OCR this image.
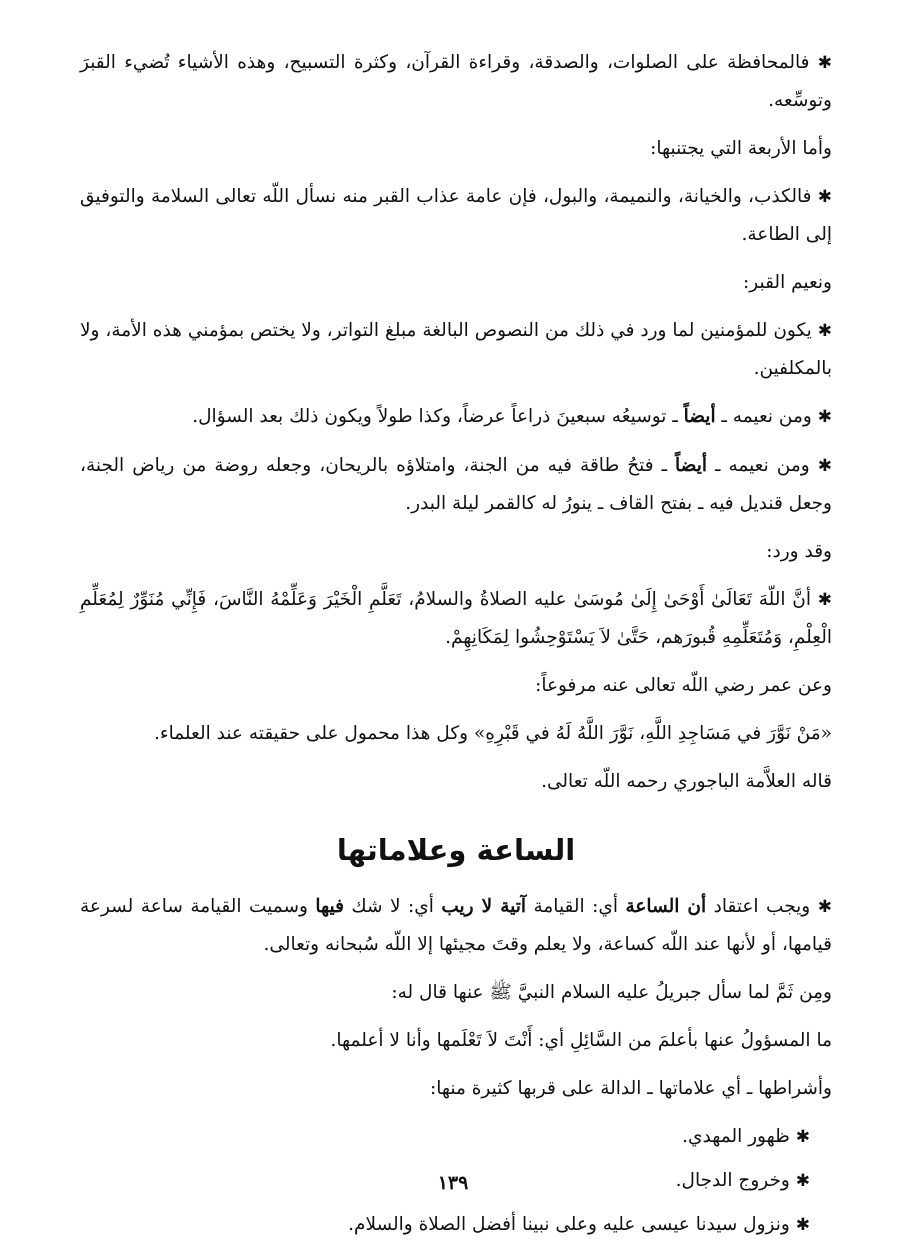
✱ فالمحافظة على الصلوات، والصدقة، وقراءة القرآن، وكثرة التسبيح، وهذه الأشياء تُضيء القبرَ وتوسِّعه.

وأما الأربعة التي يجتنبها:

✱ فالكذب، والخيانة، والنميمة، والبول، فإن عامة عذاب القبر منه نسأل اللّه تعالى السلامة والتوفيق إلى الطاعة.

ونعيم القبر:

✱ يكون للمؤمنين لما ورد في ذلك من النصوص البالغة مبلغ التواتر، ولا يختص بمؤمني هذه الأمة، ولا بالمكلفين.

✱ ومن نعيمه ـ أيضاً ـ توسيعُه سبعينَ ذراعاً عرضاً، وكذا طولاً ويكون ذلك بعد السؤال.

✱ ومن نعيمه ـ أيضاً ـ فتحُ طاقة فيه من الجنة، وامتلاؤه بالريحان، وجعله روضة من رياض الجنة، وجعل قنديل فيه ـ بفتح القاف ـ ينورُ له كالقمر ليلة البدر.

وقد ورد:

✱ أنَّ اللّهَ تَعَالَىٰ أَوْحَىٰ إِلَىٰ مُوسَىٰ عليه الصلاةُ والسلامُ، تَعَلَّمِ الْخَيْرَ وَعَلِّمْهُ النَّاسَ، فَإِنِّي مُنَوِّرٌ لِمُعَلِّمِ الْعِلْمِ، وَمُتَعَلِّمِهِ قُبورَهم، حَتَّىٰ لاَ يَسْتَوْحِشُوا لِمَكَانِهِمْ.

وعن عمر رضي اللّه تعالى عنه مرفوعاً:

«مَنْ نَوَّرَ في مَسَاجِدِ اللَّهِ، نَوَّرَ اللَّهُ لَهُ في قَبْرِهِ» وكل هذا محمول على حقيقته عند العلماء.

قاله العلاَّمة الباجوري رحمه اللّه تعالى.

الساعة وعلاماتها

✱ ويجب اعتقاد أن الساعة أي: القيامة آتية لا ريب أي: لا شك فيها وسميت القيامة ساعة لسرعة قيامها، أو لأنها عند اللّه كساعة، ولا يعلم وقتَ مجيئها إلا اللّه سُبحانه وتعالى.

ومِن ثَمَّ لما سأل جبريلُ عليه السلام النبيَّ ﷺ عنها قال له:

ما المسؤولُ عنها بأعلمَ من السَّائِلِ أي: أَنْتَ لاَ تَعْلَمها وأنا لا أعلمها.

وأشراطها ـ أي علاماتها ـ الدالة على قربها كثيرة منها:

✱ ظهور المهدي.

✱ وخروج الدجال.

✱ ونزول سيدنا عيسى عليه وعلى نبينا أفضل الصلاة والسلام.

١٣٩
